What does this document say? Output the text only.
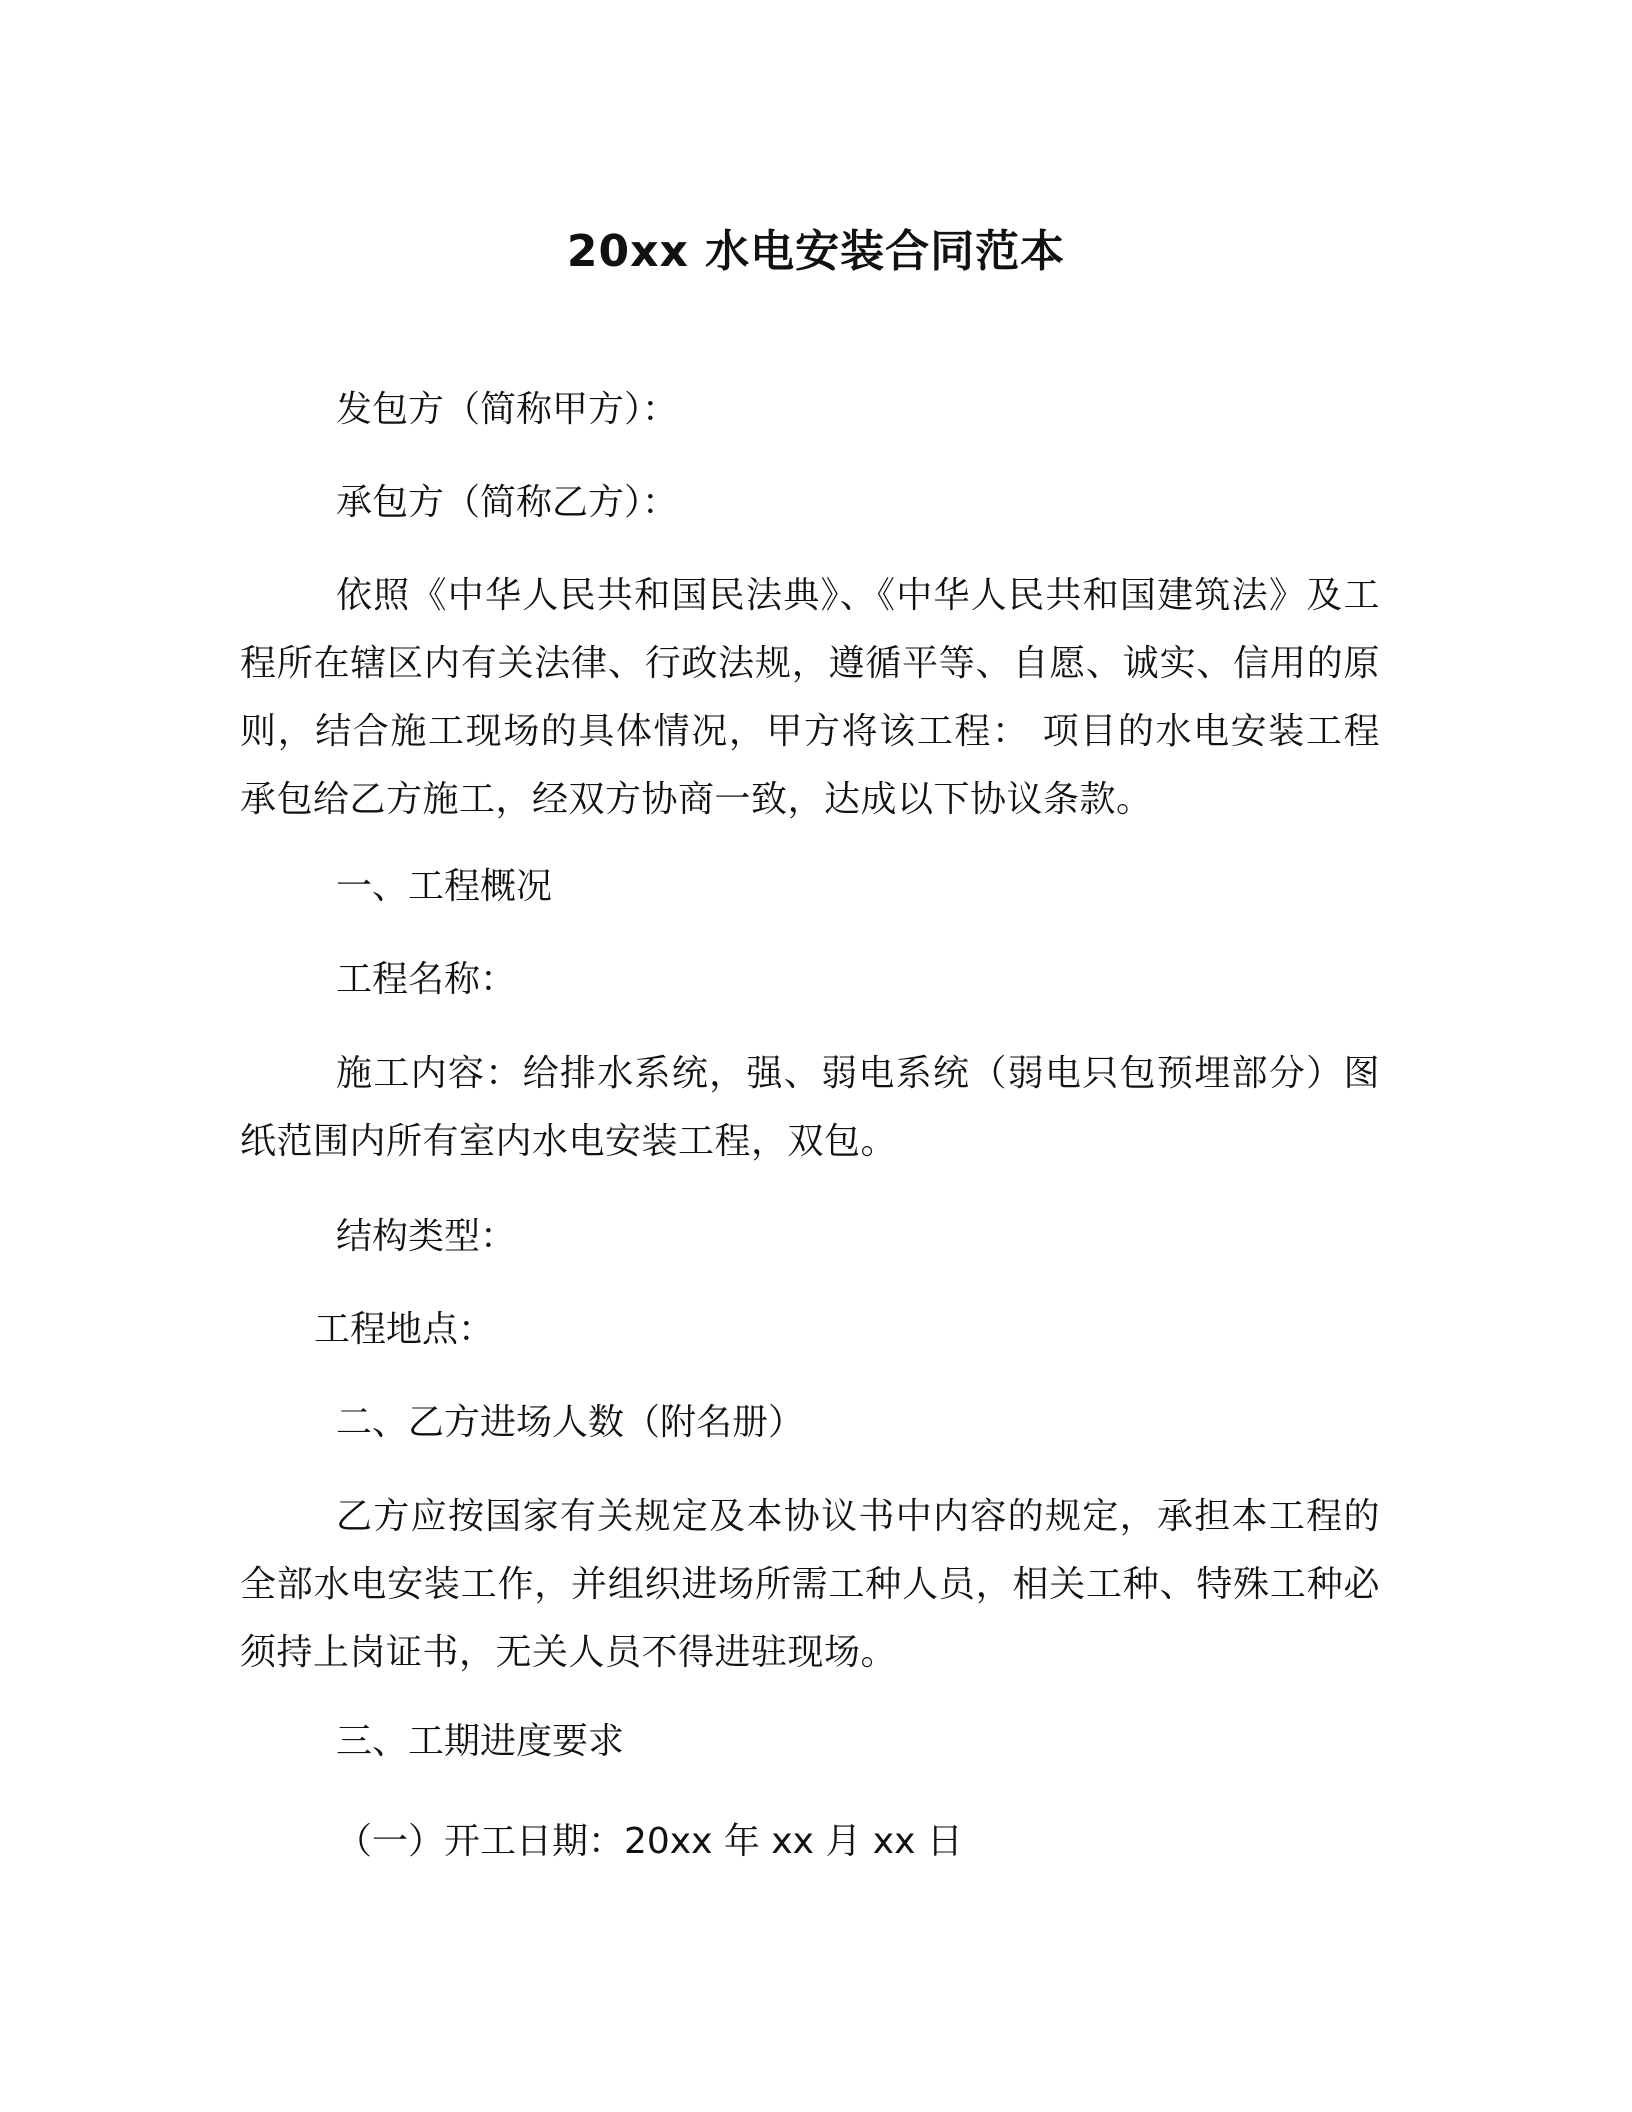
20xx 水电安装合同范本

发包方（简称甲方）：

承包方（简称乙方）：

依照《中华人民共和国民法典》、《中华人民共和国建筑法》及工程所在辖区内有关法律、行政法规，遵循平等、自愿、诚实、信用的原则，结合施工现场的具体情况，甲方将该工程： 项目的水电安装工程承包给乙方施工，经双方协商一致，达成以下协议条款。

一、工程概况

工程名称：

施工内容：给排水系统，强、弱电系统（弱电只包预埋部分）图纸范围内所有室内水电安装工程，双包。

结构类型：

工程地点：

二、乙方进场人数（附名册）

乙方应按国家有关规定及本协议书中内容的规定，承担本工程的全部水电安装工作，并组织进场所需工种人员，相关工种、特殊工种必须持上岗证书，无关人员不得进驻现场。

三、工期进度要求

（一）开工日期：20xx 年 xx 月 xx 日
